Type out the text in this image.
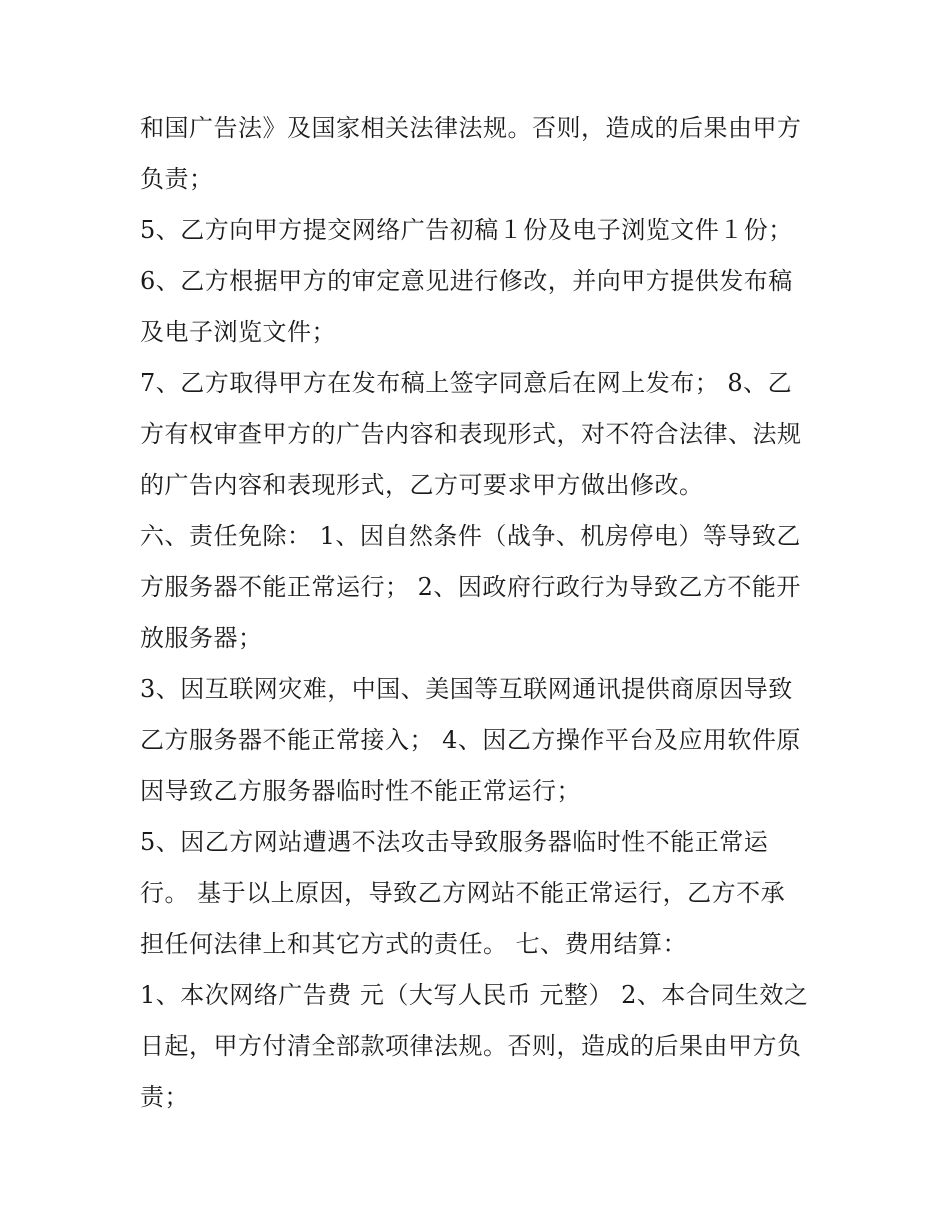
和国广告法》及国家相关法律法规。否则，造成的后果由甲方
负责；
5、乙方向甲方提交网络广告初稿１份及电子浏览文件１份；
6、乙方根据甲方的审定意见进行修改，并向甲方提供发布稿
及电子浏览文件；
7、乙方取得甲方在发布稿上签字同意后在网上发布； 8、乙
方有权审查甲方的广告内容和表现形式，对不符合法律、法规
的广告内容和表现形式，乙方可要求甲方做出修改。
六、责任免除： 1、因自然条件（战争、机房停电）等导致乙
方服务器不能正常运行； 2、因政府行政行为导致乙方不能开
放服务器；
3、因互联网灾难，中国、美国等互联网通讯提供商原因导致
乙方服务器不能正常接入； 4、因乙方操作平台及应用软件原
因导致乙方服务器临时性不能正常运行；
5、因乙方网站遭遇不法攻击导致服务器临时性不能正常运
行。 基于以上原因，导致乙方网站不能正常运行，乙方不承
担任何法律上和其它方式的责任。 七、费用结算：
1、本次网络广告费 元（大写人民币 元整） 2、本合同生效之
日起，甲方付清全部款项律法规。否则，造成的后果由甲方负
责；
